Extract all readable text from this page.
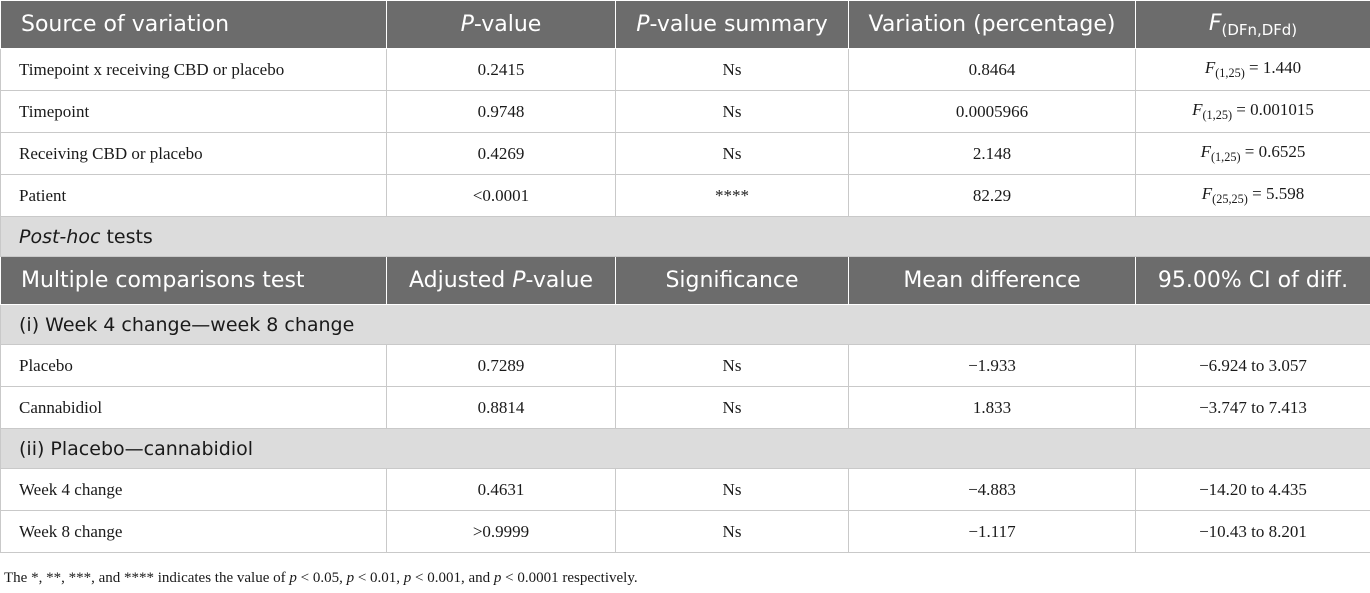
Source of variation	P-value	P-value summary	Variation (percentage)	$F_{(DFn,DFd)}$
Timepoint x receiving CBD or placebo	0.2415	Ns	0.8464	$F_{(1,25)} = 1.440$
Timepoint	0.9748	Ns	0.0005966	$F_{(1,25)} = 0.001015$
Receiving CBD or placebo	0.4269	Ns	2.148	$F_{(1,25)} = 0.6525$
Patient	<0.0001	****	82.29	$F_{(25,25)} = 5.598$
Post-hoc tests				
Multiple comparisons test	Adjusted P-value	Significance	Mean difference	95.00% CI of diff.
(i) Week 4 change—week 8 change				
Placebo	0.7289	Ns	−1.933	−6.924 to 3.057
Cannabidiol	0.8814	Ns	1.833	−3.747 to 7.413
(ii) Placebo—cannabidiol				
Week 4 change	0.4631	Ns	−4.883	−14.20 to 4.435
Week 8 change	>0.9999	Ns	−1.117	−10.43 to 8.201
The *, **, ***, and **** indicates the value of p < 0.05, p < 0.01, p < 0.001, and p < 0.0001 respectively.
